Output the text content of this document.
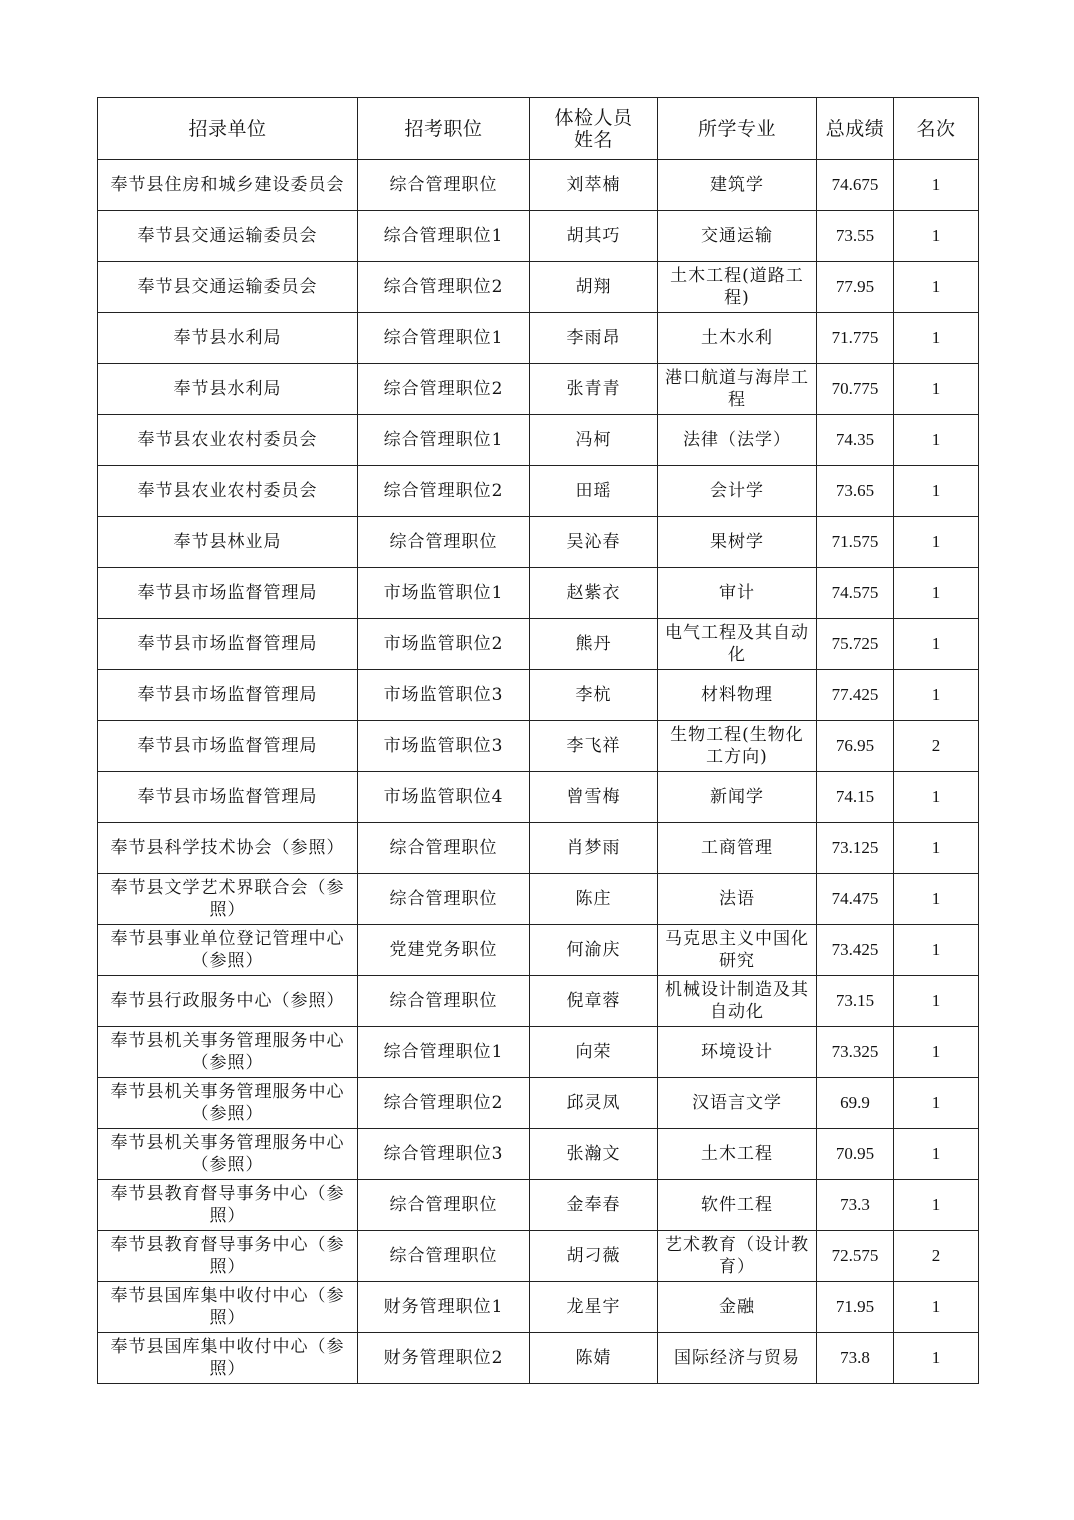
招录单位	招考职位	体检人员姓名	所学专业	总成绩	名次
奉节县住房和城乡建设委员会	综合管理职位	刘萃楠	建筑学	74.675	1
奉节县交通运输委员会	综合管理职位1	胡其巧	交通运输	73.55	1
奉节县交通运输委员会	综合管理职位2	胡翔	土木工程(道路工程)	77.95	1
奉节县水利局	综合管理职位1	李雨昂	土木水利	71.775	1
奉节县水利局	综合管理职位2	张青青	港口航道与海岸工程	70.775	1
奉节县农业农村委员会	综合管理职位1	冯柯	法律（法学）	74.35	1
奉节县农业农村委员会	综合管理职位2	田瑶	会计学	73.65	1
奉节县林业局	综合管理职位	吴沁春	果树学	71.575	1
奉节县市场监督管理局	市场监管职位1	赵紫衣	审计	74.575	1
奉节县市场监督管理局	市场监管职位2	熊丹	电气工程及其自动化	75.725	1
奉节县市场监督管理局	市场监管职位3	李杭	材料物理	77.425	1
奉节县市场监督管理局	市场监管职位3	李飞祥	生物工程(生物化工方向)	76.95	2
奉节县市场监督管理局	市场监管职位4	曾雪梅	新闻学	74.15	1
奉节县科学技术协会（参照）	综合管理职位	肖梦雨	工商管理	73.125	1
奉节县文学艺术界联合会（参照）	综合管理职位	陈庄	法语	74.475	1
奉节县事业单位登记管理中心（参照）	党建党务职位	何渝庆	马克思主义中国化研究	73.425	1
奉节县行政服务中心（参照）	综合管理职位	倪章蓉	机械设计制造及其自动化	73.15	1
奉节县机关事务管理服务中心（参照）	综合管理职位1	向荣	环境设计	73.325	1
奉节县机关事务管理服务中心（参照）	综合管理职位2	邱灵凤	汉语言文学	69.9	1
奉节县机关事务管理服务中心（参照）	综合管理职位3	张瀚文	土木工程	70.95	1
奉节县教育督导事务中心（参照）	综合管理职位	金奉春	软件工程	73.3	1
奉节县教育督导事务中心（参照）	综合管理职位	胡刁薇	艺术教育（设计教育）	72.575	2
奉节县国库集中收付中心（参照）	财务管理职位1	龙星宇	金融	71.95	1
奉节县国库集中收付中心（参照）	财务管理职位2	陈婧	国际经济与贸易	73.8	1
